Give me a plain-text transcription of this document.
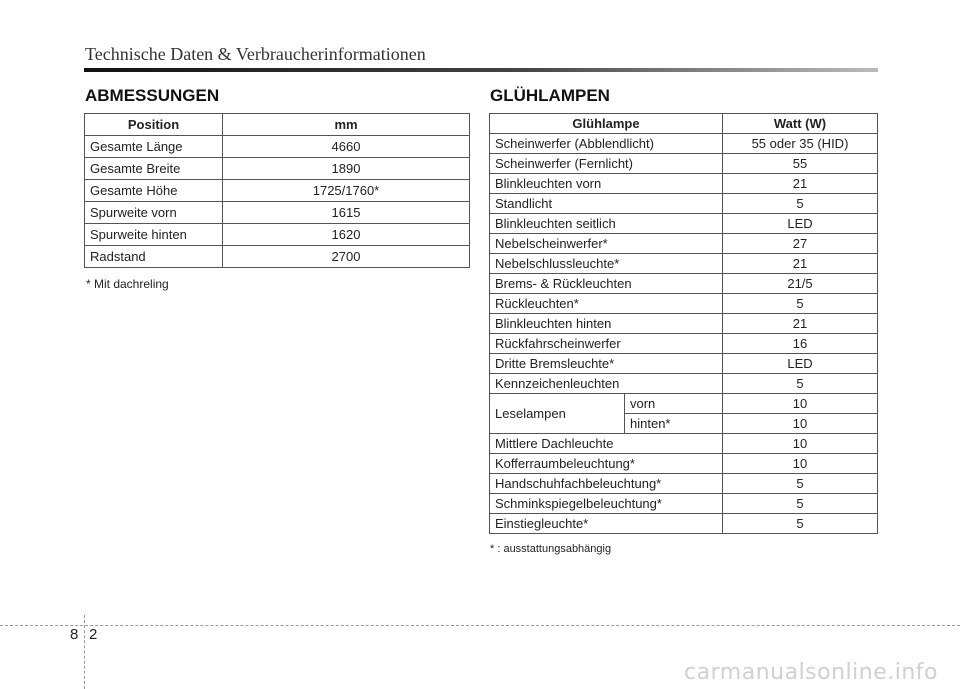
Technische Daten & Verbraucherinformationen
ABMESSUNGEN	GLÜHLAMPEN
Position	mm
Gesamte Länge	4660
Gesamte Breite	1890
Gesamte Höhe	1725/1760*
Spurweite vorn	1615
Spurweite hinten	1620
Radstand	2700
* Mit dachreling
Glühlampe		Watt (W)
Scheinwerfer (Abblendlicht)		55 oder 35 (HID)
Scheinwerfer (Fernlicht)		55
Blinkleuchten vorn		21
Standlicht		5
Blinkleuchten seitlich		LED
Nebelscheinwerfer*		27
Nebelschlussleuchte*		21
Brems- & Rückleuchten		21/5
Rückleuchten*		5
Blinkleuchten hinten		21
Rückfahrscheinwerfer		16
Dritte Bremsleuchte*		LED
Kennzeichenleuchten		5
Leselampen	vorn	10
	hinten*	10
Mittlere Dachleuchte		10
Kofferraumbeleuchtung*		10
Handschuhfachbeleuchtung*		5
Schminkspiegelbeleuchtung*		5
Einstiegleuchte*		5
* : ausstattungsabhängig
8 2
carmanualsonline.info
